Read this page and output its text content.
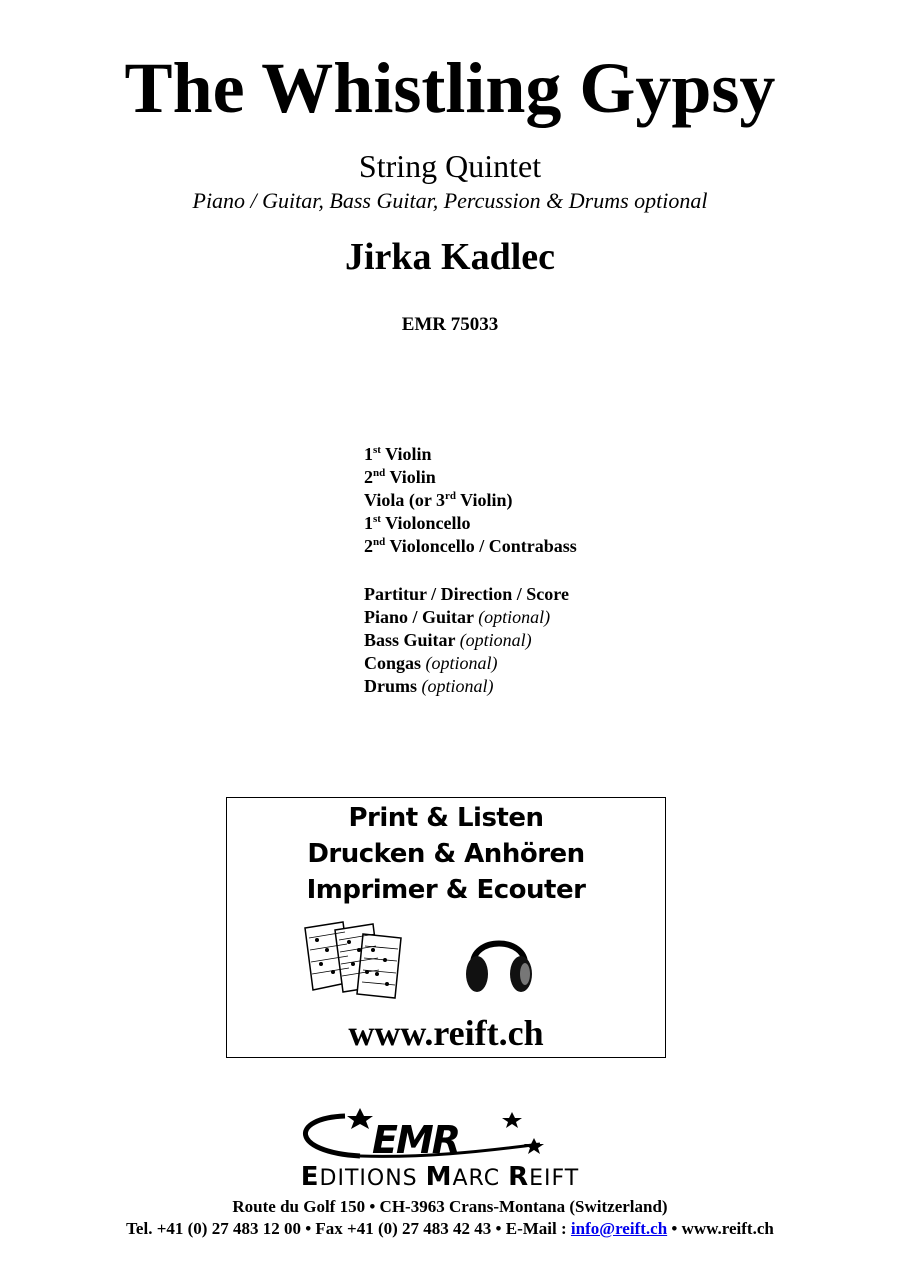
The Whistling Gypsy
String Quintet
Piano / Guitar, Bass Guitar, Percussion & Drums optional
Jirka Kadlec
EMR 75033
1st Violin
2nd Violin
Viola (or 3rd Violin)
1st Violoncello
2nd Violoncello / Contrabass
Partitur / Direction / Score
Piano / Guitar (optional)
Bass Guitar (optional)
Congas (optional)
Drums (optional)
Print & Listen
Drucken & Anhören
Imprimer & Ecouter
www.reift.ch
EMR
EDITIONS MARC REIFT
Route du Golf 150 • CH-3963 Crans-Montana (Switzerland)
Tel. +41 (0) 27 483 12 00 • Fax +41 (0) 27 483 42 43 • E-Mail : info@reift.ch • www.reift.ch
